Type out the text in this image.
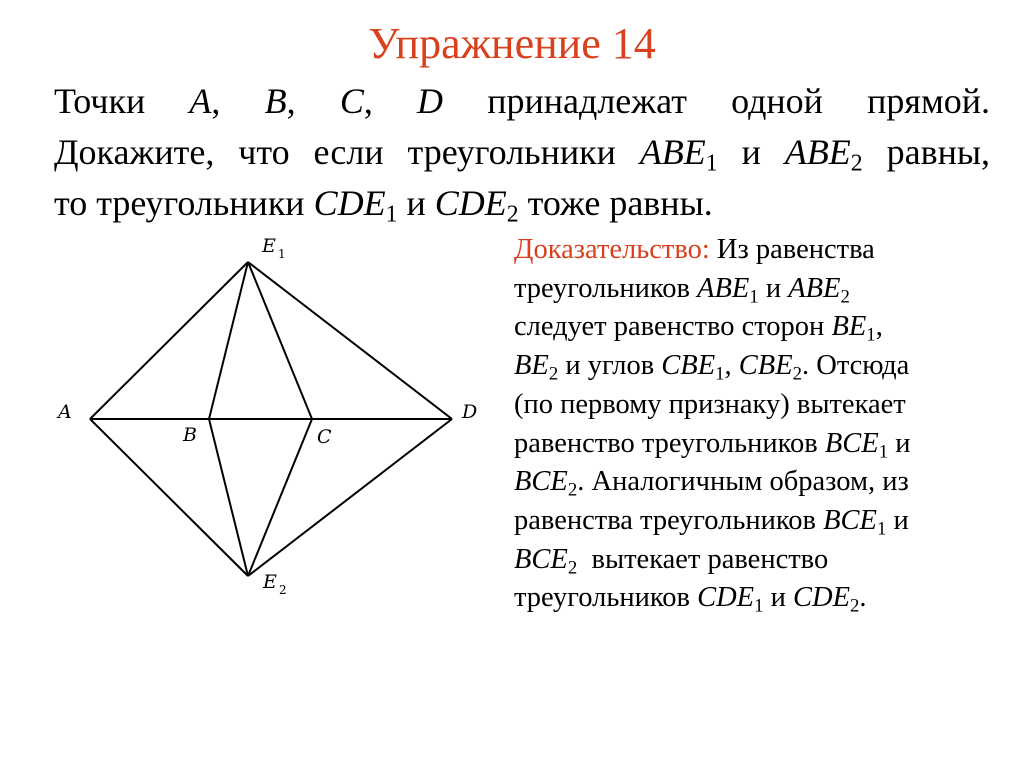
Упражнение 14
Точки A, B, C, D принадлежат одной прямой.
Докажите, что если треугольники $ABE_1$ и $ABE_2$ равны,
то треугольники $CDE_1$ и $CDE_2$ тоже равны.
A
B	C
D
E 1
E 2
Доказательство: Из равенства
треугольников $ABE_1$ и $ABE_2$
следует равенство сторон $BE_1$,
$BE_2$ и углов $CBE_1$, $CBE_2$. Отсюда
(по первому признаку) вытекает
равенство треугольников $BCE_1$ и
$BCE_2$. Аналогичным образом, из
равенства треугольников $BCE_1$ и
$BCE_2$ вытекает равенство
треугольников $CDE_1$ и $CDE_2$.
